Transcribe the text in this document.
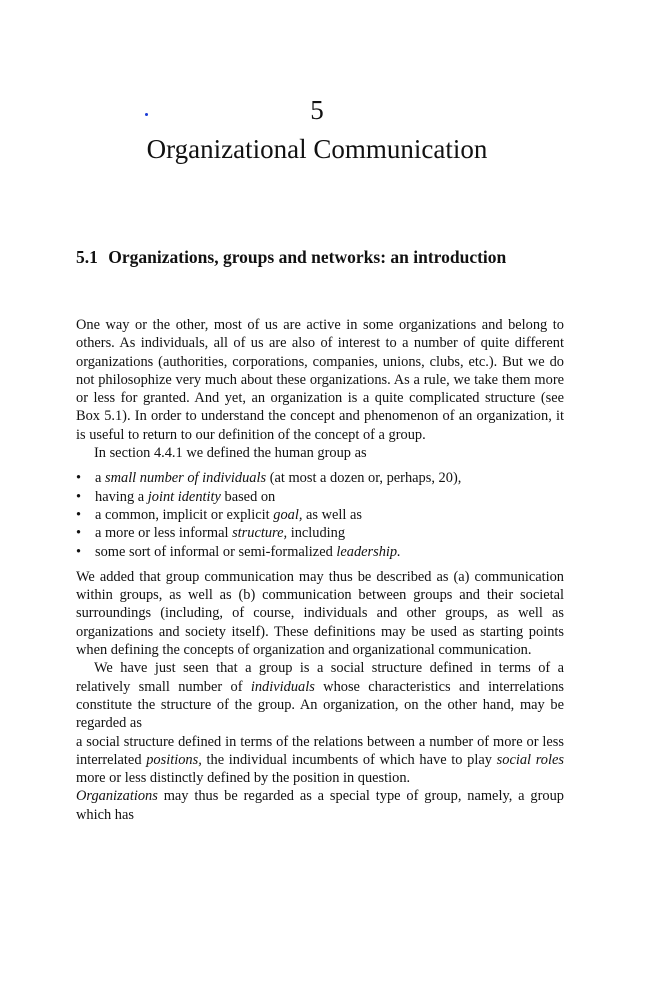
5
Organizational Communication
5.1 Organizations, groups and networks: an introduction

One way or the other, most of us are active in some organizations and belong to others. As individuals, all of us are also of interest to a number of quite different organizations (authorities, corporations, companies, unions, clubs, etc.). But we do not philosophize very much about these organizations. As a rule, we take them more or less for granted. And yet, an organization is a quite complicated structure (see Box 5.1). In order to understand the concept and phenomenon of an organization, it is useful to return to our definition of the concept of a group.

In section 4.4.1 we defined the human group as

• a small number of individuals (at most a dozen or, perhaps, 20),
• having a joint identity based on
• a common, implicit or explicit goal, as well as
• a more or less informal structure, including
• some sort of informal or semi-formalized leadership.

We added that group communication may thus be described as (a) communication within groups, as well as (b) communication between groups and their societal surroundings (including, of course, individuals and other groups, as well as organizations and society itself). These definitions may be used as starting points when defining the concepts of organization and organizational communication.

We have just seen that a group is a social structure defined in terms of a relatively small number of individuals whose characteristics and interrelations constitute the structure of the group. An organization, on the other hand, may be regarded as

a social structure defined in terms of the relations between a number of more or less interrelated positions, the individual incumbents of which have to play social roles more or less distinctly defined by the position in question.

Organizations may thus be regarded as a special type of group, namely, a group which has
